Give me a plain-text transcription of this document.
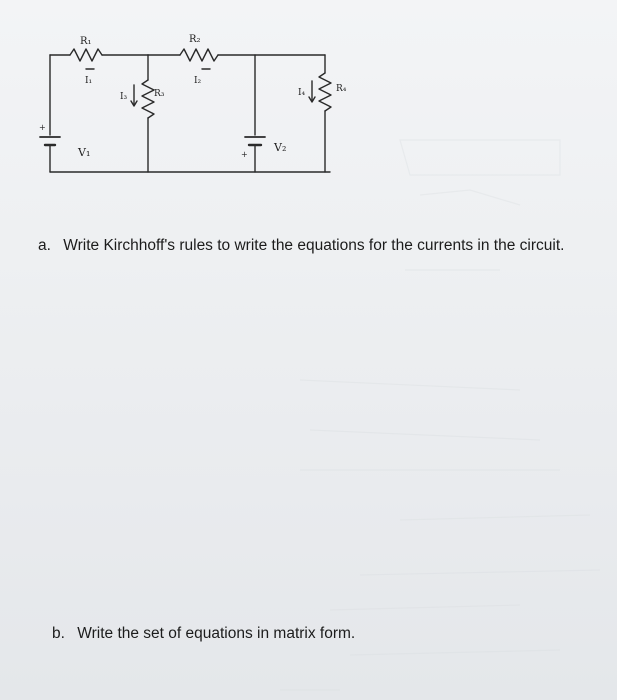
R₁	R₂
R₃	R₄
I₁	I₂
I₃	I₄
V₁	V₂
+
+
a. Write Kirchhoff's rules to write the equations for the currents in the circuit.
b. Write the set of equations in matrix form.
